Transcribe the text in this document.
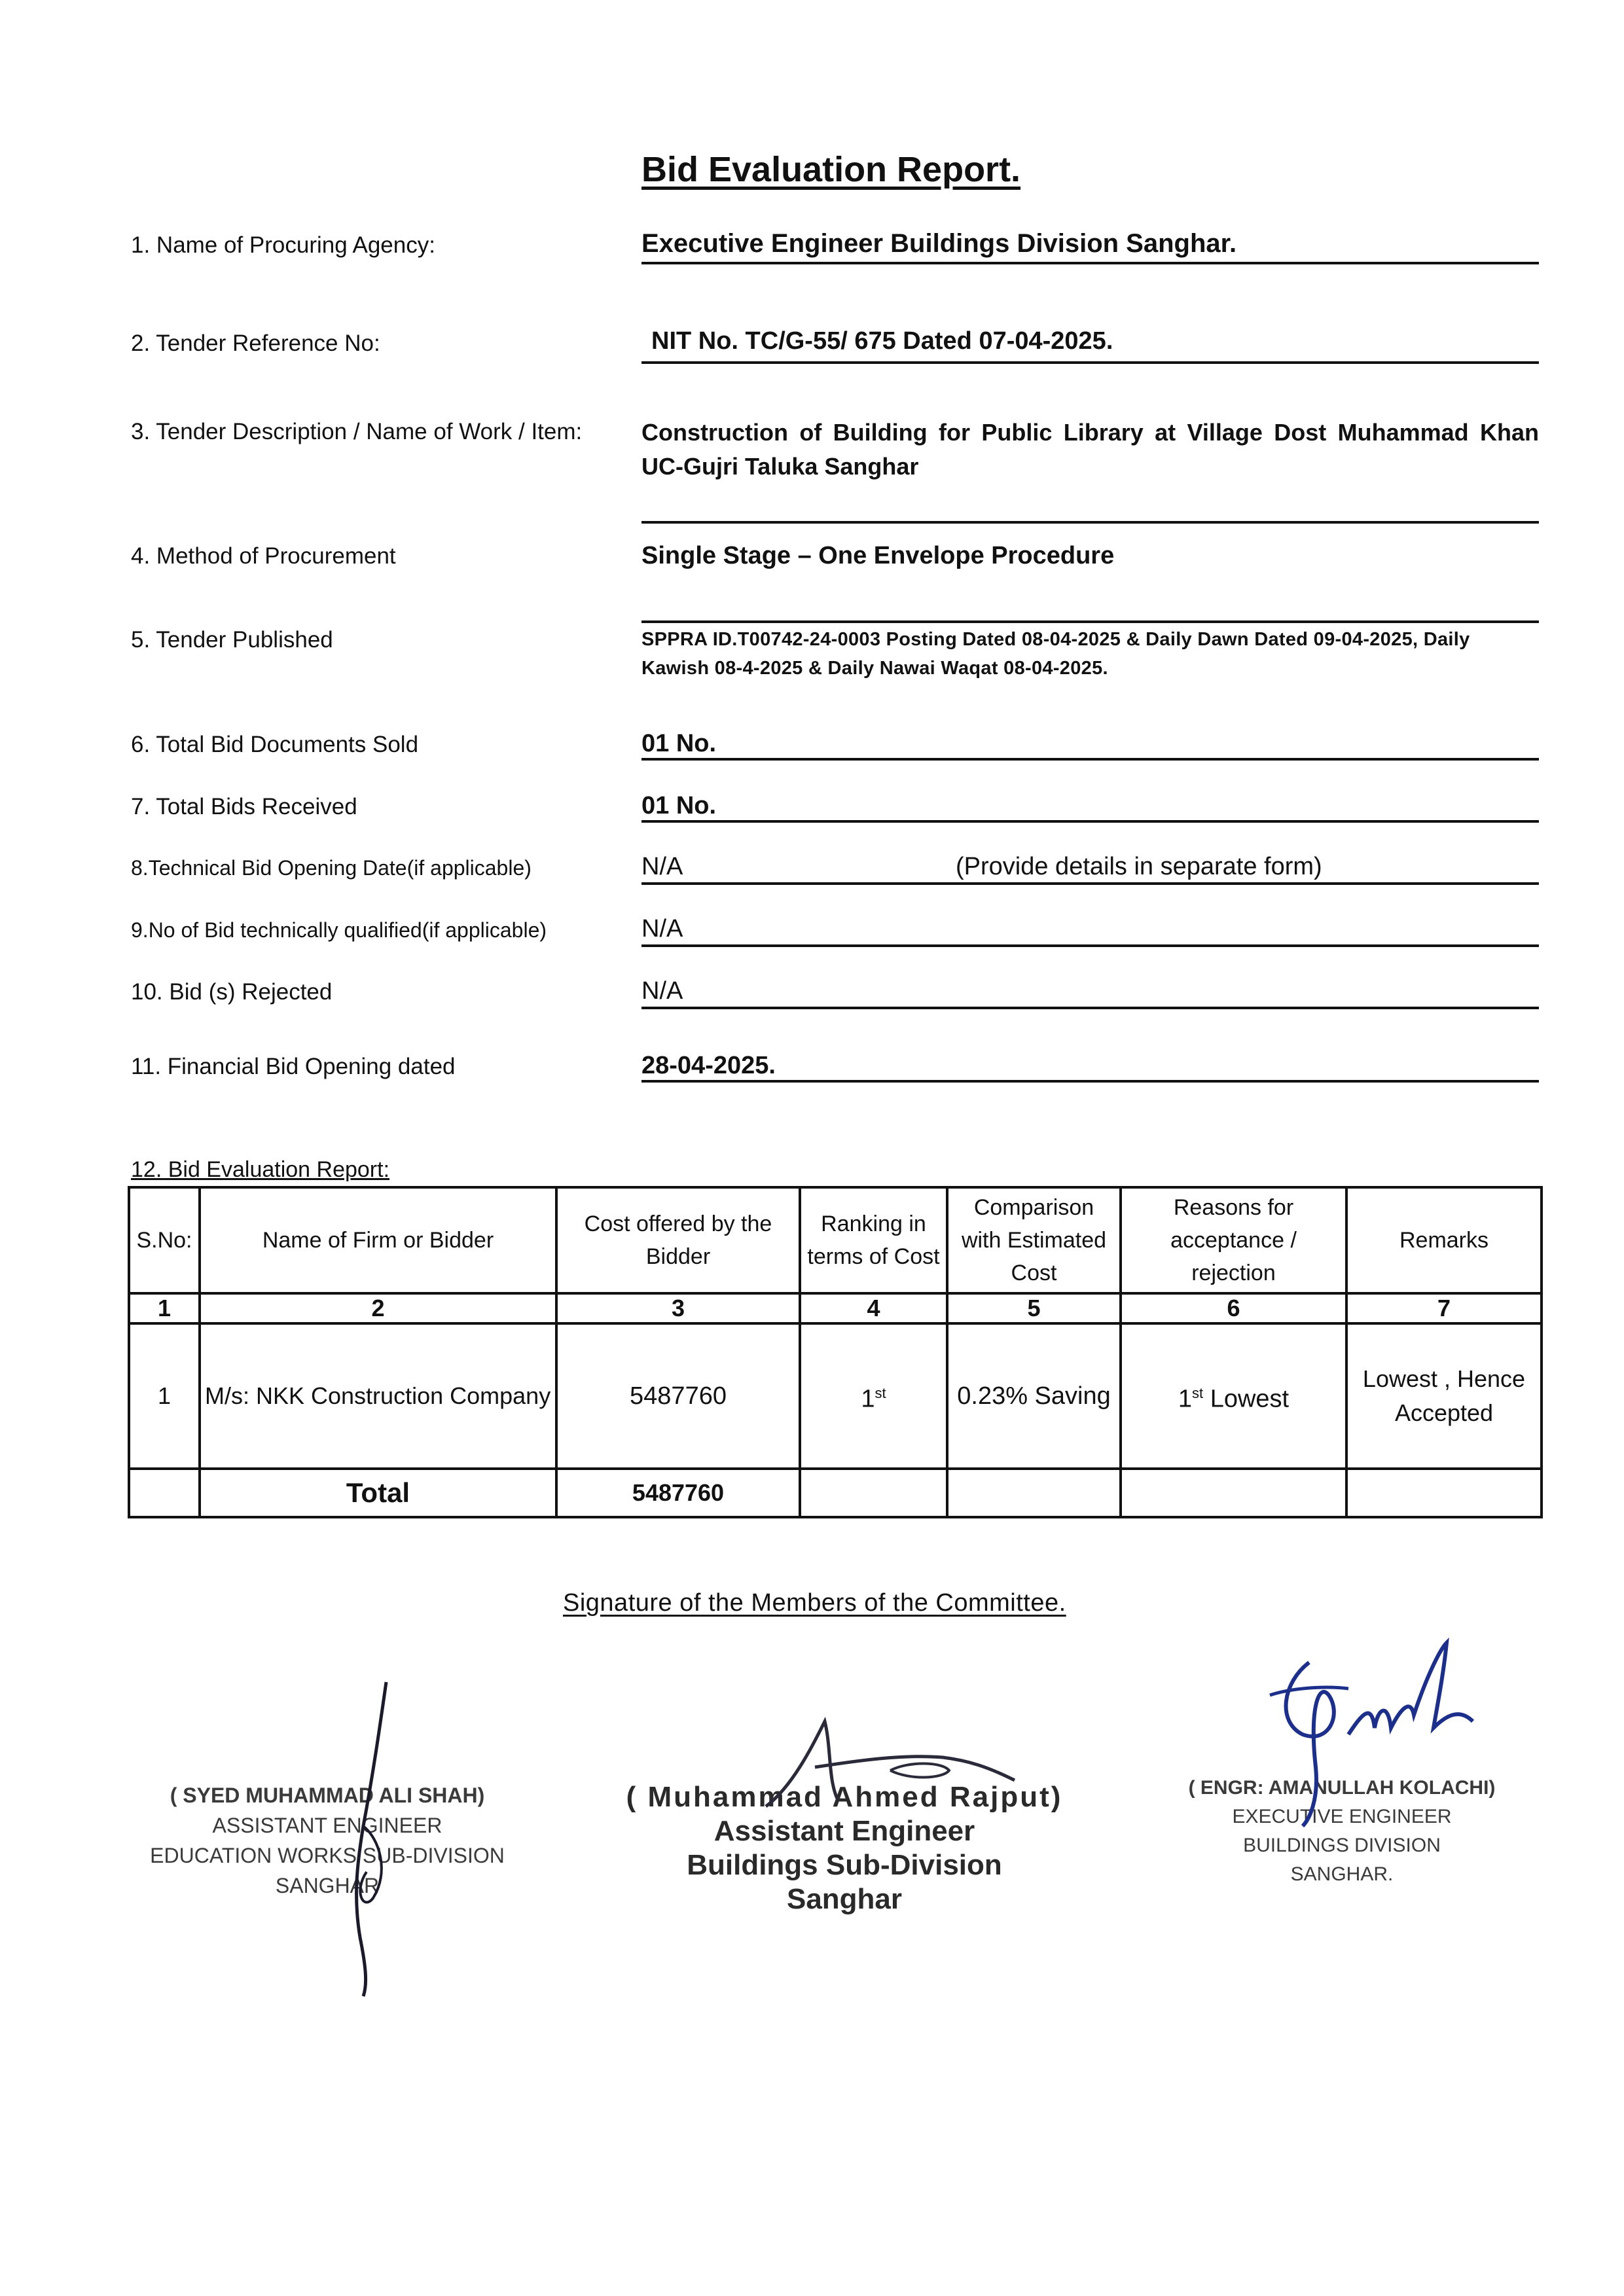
Bid Evaluation Report.
1. Name of Procuring Agency:	Executive Engineer Buildings Division Sanghar.
2. Tender Reference No:	NIT No. TC/G-55/ 675 Dated 07-04-2025.
3. Tender Description / Name of Work / Item:	Construction of Building for Public Library at Village Dost Muhammad Khan UC-Gujri Taluka Sanghar
4. Method of Procurement	Single Stage – One Envelope Procedure
5. Tender Published	SPPRA ID.T00742-24-0003 Posting Dated 08-04-2025 & Daily Dawn Dated 09-04-2025, Daily Kawish 08-4-2025 & Daily Nawai Waqat 08-04-2025.
6. Total Bid Documents Sold	01 No.
7. Total Bids Received	01 No.
8.Technical Bid Opening Date(if applicable)	N/A	(Provide details in separate form)
9.No of Bid technically qualified(if applicable)	N/A
10. Bid (s) Rejected	N/A
11. Financial Bid Opening dated	28-04-2025.
12. Bid Evaluation Report:
S.No:	Name of Firm or Bidder	Cost offered by the Bidder	Ranking in terms of Cost	Comparison with Estimated Cost	Reasons for acceptance / rejection	Remarks
1	2	3	4	5	6	7
1	M/s: NKK Construction Company	5487760	1st	0.23% Saving	1st Lowest	Lowest , Hence Accepted
	Total	5487760				
Signature of the Members of the Committee.
( SYED MUHAMMAD ALI SHAH)
ASSISTANT ENGINEER
EDUCATION WORKS SUB-DIVISION
SANGHAR
( Muhammad Ahmed Rajput)
Assistant Engineer
Buildings Sub-Division
Sanghar
( ENGR: AMANULLAH KOLACHI)
EXECUTIVE ENGINEER
BUILDINGS DIVISION
SANGHAR.
